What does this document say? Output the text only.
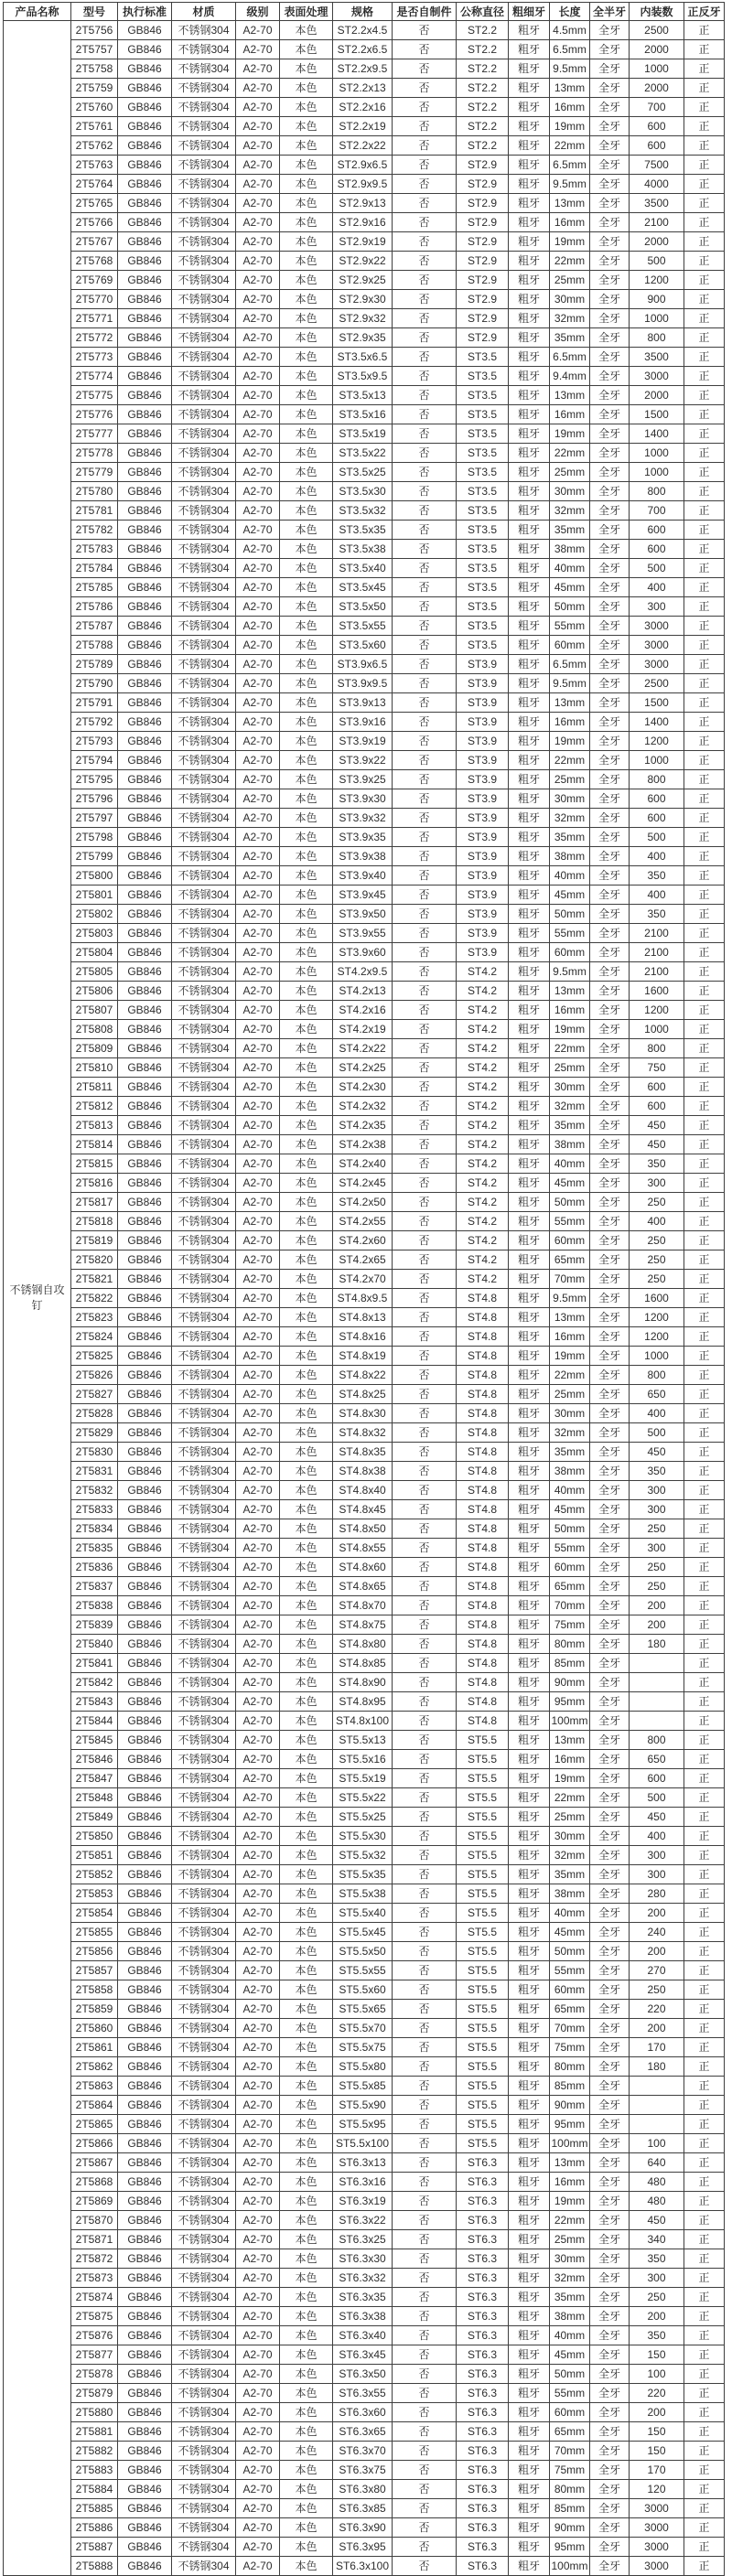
产品名称	型号	执行标准	材质	级别	表面处理	规格	是否自制件	公称直径	粗细牙	长度	全半牙	内装数	正反牙
不锈钢自攻钉	2T5756	GB846	不锈钢304	A2-70	本色	ST2.2x4.5	否	ST2.2	粗牙	4.5mm	全牙	2500	正
	2T5757	GB846	不锈钢304	A2-70	本色	ST2.2x6.5	否	ST2.2	粗牙	6.5mm	全牙	2000	正
	2T5758	GB846	不锈钢304	A2-70	本色	ST2.2x9.5	否	ST2.2	粗牙	9.5mm	全牙	1000	正
	2T5759	GB846	不锈钢304	A2-70	本色	ST2.2x13	否	ST2.2	粗牙	13mm	全牙	2000	正
	2T5760	GB846	不锈钢304	A2-70	本色	ST2.2x16	否	ST2.2	粗牙	16mm	全牙	700	正
	2T5761	GB846	不锈钢304	A2-70	本色	ST2.2x19	否	ST2.2	粗牙	19mm	全牙	600	正
	2T5762	GB846	不锈钢304	A2-70	本色	ST2.2x22	否	ST2.2	粗牙	22mm	全牙	600	正
	2T5763	GB846	不锈钢304	A2-70	本色	ST2.9x6.5	否	ST2.9	粗牙	6.5mm	全牙	7500	正
	2T5764	GB846	不锈钢304	A2-70	本色	ST2.9x9.5	否	ST2.9	粗牙	9.5mm	全牙	4000	正
	2T5765	GB846	不锈钢304	A2-70	本色	ST2.9x13	否	ST2.9	粗牙	13mm	全牙	3500	正
	2T5766	GB846	不锈钢304	A2-70	本色	ST2.9x16	否	ST2.9	粗牙	16mm	全牙	2100	正
	2T5767	GB846	不锈钢304	A2-70	本色	ST2.9x19	否	ST2.9	粗牙	19mm	全牙	2000	正
	2T5768	GB846	不锈钢304	A2-70	本色	ST2.9x22	否	ST2.9	粗牙	22mm	全牙	500	正
	2T5769	GB846	不锈钢304	A2-70	本色	ST2.9x25	否	ST2.9	粗牙	25mm	全牙	1200	正
	2T5770	GB846	不锈钢304	A2-70	本色	ST2.9x30	否	ST2.9	粗牙	30mm	全牙	900	正
	2T5771	GB846	不锈钢304	A2-70	本色	ST2.9x32	否	ST2.9	粗牙	32mm	全牙	1000	正
	2T5772	GB846	不锈钢304	A2-70	本色	ST2.9x35	否	ST2.9	粗牙	35mm	全牙	800	正
	2T5773	GB846	不锈钢304	A2-70	本色	ST3.5x6.5	否	ST3.5	粗牙	6.5mm	全牙	3500	正
	2T5774	GB846	不锈钢304	A2-70	本色	ST3.5x9.5	否	ST3.5	粗牙	9.4mm	全牙	3000	正
	2T5775	GB846	不锈钢304	A2-70	本色	ST3.5x13	否	ST3.5	粗牙	13mm	全牙	2000	正
	2T5776	GB846	不锈钢304	A2-70	本色	ST3.5x16	否	ST3.5	粗牙	16mm	全牙	1500	正
	2T5777	GB846	不锈钢304	A2-70	本色	ST3.5x19	否	ST3.5	粗牙	19mm	全牙	1400	正
	2T5778	GB846	不锈钢304	A2-70	本色	ST3.5x22	否	ST3.5	粗牙	22mm	全牙	1000	正
	2T5779	GB846	不锈钢304	A2-70	本色	ST3.5x25	否	ST3.5	粗牙	25mm	全牙	1000	正
	2T5780	GB846	不锈钢304	A2-70	本色	ST3.5x30	否	ST3.5	粗牙	30mm	全牙	800	正
	2T5781	GB846	不锈钢304	A2-70	本色	ST3.5x32	否	ST3.5	粗牙	32mm	全牙	700	正
	2T5782	GB846	不锈钢304	A2-70	本色	ST3.5x35	否	ST3.5	粗牙	35mm	全牙	600	正
	2T5783	GB846	不锈钢304	A2-70	本色	ST3.5x38	否	ST3.5	粗牙	38mm	全牙	600	正
	2T5784	GB846	不锈钢304	A2-70	本色	ST3.5x40	否	ST3.5	粗牙	40mm	全牙	500	正
	2T5785	GB846	不锈钢304	A2-70	本色	ST3.5x45	否	ST3.5	粗牙	45mm	全牙	400	正
	2T5786	GB846	不锈钢304	A2-70	本色	ST3.5x50	否	ST3.5	粗牙	50mm	全牙	300	正
	2T5787	GB846	不锈钢304	A2-70	本色	ST3.5x55	否	ST3.5	粗牙	55mm	全牙	3000	正
	2T5788	GB846	不锈钢304	A2-70	本色	ST3.5x60	否	ST3.5	粗牙	60mm	全牙	3000	正
	2T5789	GB846	不锈钢304	A2-70	本色	ST3.9x6.5	否	ST3.9	粗牙	6.5mm	全牙	3000	正
	2T5790	GB846	不锈钢304	A2-70	本色	ST3.9x9.5	否	ST3.9	粗牙	9.5mm	全牙	2500	正
	2T5791	GB846	不锈钢304	A2-70	本色	ST3.9x13	否	ST3.9	粗牙	13mm	全牙	1500	正
	2T5792	GB846	不锈钢304	A2-70	本色	ST3.9x16	否	ST3.9	粗牙	16mm	全牙	1400	正
	2T5793	GB846	不锈钢304	A2-70	本色	ST3.9x19	否	ST3.9	粗牙	19mm	全牙	1200	正
	2T5794	GB846	不锈钢304	A2-70	本色	ST3.9x22	否	ST3.9	粗牙	22mm	全牙	1000	正
	2T5795	GB846	不锈钢304	A2-70	本色	ST3.9x25	否	ST3.9	粗牙	25mm	全牙	800	正
	2T5796	GB846	不锈钢304	A2-70	本色	ST3.9x30	否	ST3.9	粗牙	30mm	全牙	600	正
	2T5797	GB846	不锈钢304	A2-70	本色	ST3.9x32	否	ST3.9	粗牙	32mm	全牙	600	正
	2T5798	GB846	不锈钢304	A2-70	本色	ST3.9x35	否	ST3.9	粗牙	35mm	全牙	500	正
	2T5799	GB846	不锈钢304	A2-70	本色	ST3.9x38	否	ST3.9	粗牙	38mm	全牙	400	正
	2T5800	GB846	不锈钢304	A2-70	本色	ST3.9x40	否	ST3.9	粗牙	40mm	全牙	350	正
	2T5801	GB846	不锈钢304	A2-70	本色	ST3.9x45	否	ST3.9	粗牙	45mm	全牙	400	正
	2T5802	GB846	不锈钢304	A2-70	本色	ST3.9x50	否	ST3.9	粗牙	50mm	全牙	350	正
	2T5803	GB846	不锈钢304	A2-70	本色	ST3.9x55	否	ST3.9	粗牙	55mm	全牙	2100	正
	2T5804	GB846	不锈钢304	A2-70	本色	ST3.9x60	否	ST3.9	粗牙	60mm	全牙	2100	正
	2T5805	GB846	不锈钢304	A2-70	本色	ST4.2x9.5	否	ST4.2	粗牙	9.5mm	全牙	2100	正
	2T5806	GB846	不锈钢304	A2-70	本色	ST4.2x13	否	ST4.2	粗牙	13mm	全牙	1600	正
	2T5807	GB846	不锈钢304	A2-70	本色	ST4.2x16	否	ST4.2	粗牙	16mm	全牙	1200	正
	2T5808	GB846	不锈钢304	A2-70	本色	ST4.2x19	否	ST4.2	粗牙	19mm	全牙	1000	正
	2T5809	GB846	不锈钢304	A2-70	本色	ST4.2x22	否	ST4.2	粗牙	22mm	全牙	800	正
	2T5810	GB846	不锈钢304	A2-70	本色	ST4.2x25	否	ST4.2	粗牙	25mm	全牙	750	正
	2T5811	GB846	不锈钢304	A2-70	本色	ST4.2x30	否	ST4.2	粗牙	30mm	全牙	600	正
	2T5812	GB846	不锈钢304	A2-70	本色	ST4.2x32	否	ST4.2	粗牙	32mm	全牙	600	正
	2T5813	GB846	不锈钢304	A2-70	本色	ST4.2x35	否	ST4.2	粗牙	35mm	全牙	450	正
	2T5814	GB846	不锈钢304	A2-70	本色	ST4.2x38	否	ST4.2	粗牙	38mm	全牙	450	正
	2T5815	GB846	不锈钢304	A2-70	本色	ST4.2x40	否	ST4.2	粗牙	40mm	全牙	350	正
	2T5816	GB846	不锈钢304	A2-70	本色	ST4.2x45	否	ST4.2	粗牙	45mm	全牙	300	正
	2T5817	GB846	不锈钢304	A2-70	本色	ST4.2x50	否	ST4.2	粗牙	50mm	全牙	250	正
	2T5818	GB846	不锈钢304	A2-70	本色	ST4.2x55	否	ST4.2	粗牙	55mm	全牙	400	正
	2T5819	GB846	不锈钢304	A2-70	本色	ST4.2x60	否	ST4.2	粗牙	60mm	全牙	250	正
	2T5820	GB846	不锈钢304	A2-70	本色	ST4.2x65	否	ST4.2	粗牙	65mm	全牙	250	正
	2T5821	GB846	不锈钢304	A2-70	本色	ST4.2x70	否	ST4.2	粗牙	70mm	全牙	250	正
	2T5822	GB846	不锈钢304	A2-70	本色	ST4.8x9.5	否	ST4.8	粗牙	9.5mm	全牙	1600	正
	2T5823	GB846	不锈钢304	A2-70	本色	ST4.8x13	否	ST4.8	粗牙	13mm	全牙	1200	正
	2T5824	GB846	不锈钢304	A2-70	本色	ST4.8x16	否	ST4.8	粗牙	16mm	全牙	1200	正
	2T5825	GB846	不锈钢304	A2-70	本色	ST4.8x19	否	ST4.8	粗牙	19mm	全牙	1000	正
	2T5826	GB846	不锈钢304	A2-70	本色	ST4.8x22	否	ST4.8	粗牙	22mm	全牙	800	正
	2T5827	GB846	不锈钢304	A2-70	本色	ST4.8x25	否	ST4.8	粗牙	25mm	全牙	650	正
	2T5828	GB846	不锈钢304	A2-70	本色	ST4.8x30	否	ST4.8	粗牙	30mm	全牙	400	正
	2T5829	GB846	不锈钢304	A2-70	本色	ST4.8x32	否	ST4.8	粗牙	32mm	全牙	500	正
	2T5830	GB846	不锈钢304	A2-70	本色	ST4.8x35	否	ST4.8	粗牙	35mm	全牙	450	正
	2T5831	GB846	不锈钢304	A2-70	本色	ST4.8x38	否	ST4.8	粗牙	38mm	全牙	350	正
	2T5832	GB846	不锈钢304	A2-70	本色	ST4.8x40	否	ST4.8	粗牙	40mm	全牙	300	正
	2T5833	GB846	不锈钢304	A2-70	本色	ST4.8x45	否	ST4.8	粗牙	45mm	全牙	300	正
	2T5834	GB846	不锈钢304	A2-70	本色	ST4.8x50	否	ST4.8	粗牙	50mm	全牙	250	正
	2T5835	GB846	不锈钢304	A2-70	本色	ST4.8x55	否	ST4.8	粗牙	55mm	全牙	300	正
	2T5836	GB846	不锈钢304	A2-70	本色	ST4.8x60	否	ST4.8	粗牙	60mm	全牙	250	正
	2T5837	GB846	不锈钢304	A2-70	本色	ST4.8x65	否	ST4.8	粗牙	65mm	全牙	250	正
	2T5838	GB846	不锈钢304	A2-70	本色	ST4.8x70	否	ST4.8	粗牙	70mm	全牙	200	正
	2T5839	GB846	不锈钢304	A2-70	本色	ST4.8x75	否	ST4.8	粗牙	75mm	全牙	200	正
	2T5840	GB846	不锈钢304	A2-70	本色	ST4.8x80	否	ST4.8	粗牙	80mm	全牙	180	正
	2T5841	GB846	不锈钢304	A2-70	本色	ST4.8x85	否	ST4.8	粗牙	85mm	全牙		正
	2T5842	GB846	不锈钢304	A2-70	本色	ST4.8x90	否	ST4.8	粗牙	90mm	全牙		正
	2T5843	GB846	不锈钢304	A2-70	本色	ST4.8x95	否	ST4.8	粗牙	95mm	全牙		正
	2T5844	GB846	不锈钢304	A2-70	本色	ST4.8x100	否	ST4.8	粗牙	100mm	全牙		正
	2T5845	GB846	不锈钢304	A2-70	本色	ST5.5x13	否	ST5.5	粗牙	13mm	全牙	800	正
	2T5846	GB846	不锈钢304	A2-70	本色	ST5.5x16	否	ST5.5	粗牙	16mm	全牙	650	正
	2T5847	GB846	不锈钢304	A2-70	本色	ST5.5x19	否	ST5.5	粗牙	19mm	全牙	600	正
	2T5848	GB846	不锈钢304	A2-70	本色	ST5.5x22	否	ST5.5	粗牙	22mm	全牙	500	正
	2T5849	GB846	不锈钢304	A2-70	本色	ST5.5x25	否	ST5.5	粗牙	25mm	全牙	450	正
	2T5850	GB846	不锈钢304	A2-70	本色	ST5.5x30	否	ST5.5	粗牙	30mm	全牙	400	正
	2T5851	GB846	不锈钢304	A2-70	本色	ST5.5x32	否	ST5.5	粗牙	32mm	全牙	300	正
	2T5852	GB846	不锈钢304	A2-70	本色	ST5.5x35	否	ST5.5	粗牙	35mm	全牙	300	正
	2T5853	GB846	不锈钢304	A2-70	本色	ST5.5x38	否	ST5.5	粗牙	38mm	全牙	280	正
	2T5854	GB846	不锈钢304	A2-70	本色	ST5.5x40	否	ST5.5	粗牙	40mm	全牙	200	正
	2T5855	GB846	不锈钢304	A2-70	本色	ST5.5x45	否	ST5.5	粗牙	45mm	全牙	240	正
	2T5856	GB846	不锈钢304	A2-70	本色	ST5.5x50	否	ST5.5	粗牙	50mm	全牙	200	正
	2T5857	GB846	不锈钢304	A2-70	本色	ST5.5x55	否	ST5.5	粗牙	55mm	全牙	270	正
	2T5858	GB846	不锈钢304	A2-70	本色	ST5.5x60	否	ST5.5	粗牙	60mm	全牙	250	正
	2T5859	GB846	不锈钢304	A2-70	本色	ST5.5x65	否	ST5.5	粗牙	65mm	全牙	220	正
	2T5860	GB846	不锈钢304	A2-70	本色	ST5.5x70	否	ST5.5	粗牙	70mm	全牙	200	正
	2T5861	GB846	不锈钢304	A2-70	本色	ST5.5x75	否	ST5.5	粗牙	75mm	全牙	170	正
	2T5862	GB846	不锈钢304	A2-70	本色	ST5.5x80	否	ST5.5	粗牙	80mm	全牙	180	正
	2T5863	GB846	不锈钢304	A2-70	本色	ST5.5x85	否	ST5.5	粗牙	85mm	全牙		正
	2T5864	GB846	不锈钢304	A2-70	本色	ST5.5x90	否	ST5.5	粗牙	90mm	全牙		正
	2T5865	GB846	不锈钢304	A2-70	本色	ST5.5x95	否	ST5.5	粗牙	95mm	全牙		正
	2T5866	GB846	不锈钢304	A2-70	本色	ST5.5x100	否	ST5.5	粗牙	100mm	全牙	100	正
	2T5867	GB846	不锈钢304	A2-70	本色	ST6.3x13	否	ST6.3	粗牙	13mm	全牙	640	正
	2T5868	GB846	不锈钢304	A2-70	本色	ST6.3x16	否	ST6.3	粗牙	16mm	全牙	480	正
	2T5869	GB846	不锈钢304	A2-70	本色	ST6.3x19	否	ST6.3	粗牙	19mm	全牙	480	正
	2T5870	GB846	不锈钢304	A2-70	本色	ST6.3x22	否	ST6.3	粗牙	22mm	全牙	450	正
	2T5871	GB846	不锈钢304	A2-70	本色	ST6.3x25	否	ST6.3	粗牙	25mm	全牙	340	正
	2T5872	GB846	不锈钢304	A2-70	本色	ST6.3x30	否	ST6.3	粗牙	30mm	全牙	350	正
	2T5873	GB846	不锈钢304	A2-70	本色	ST6.3x32	否	ST6.3	粗牙	32mm	全牙	300	正
	2T5874	GB846	不锈钢304	A2-70	本色	ST6.3x35	否	ST6.3	粗牙	35mm	全牙	250	正
	2T5875	GB846	不锈钢304	A2-70	本色	ST6.3x38	否	ST6.3	粗牙	38mm	全牙	200	正
	2T5876	GB846	不锈钢304	A2-70	本色	ST6.3x40	否	ST6.3	粗牙	40mm	全牙	350	正
	2T5877	GB846	不锈钢304	A2-70	本色	ST6.3x45	否	ST6.3	粗牙	45mm	全牙	150	正
	2T5878	GB846	不锈钢304	A2-70	本色	ST6.3x50	否	ST6.3	粗牙	50mm	全牙	100	正
	2T5879	GB846	不锈钢304	A2-70	本色	ST6.3x55	否	ST6.3	粗牙	55mm	全牙	220	正
	2T5880	GB846	不锈钢304	A2-70	本色	ST6.3x60	否	ST6.3	粗牙	60mm	全牙	200	正
	2T5881	GB846	不锈钢304	A2-70	本色	ST6.3x65	否	ST6.3	粗牙	65mm	全牙	150	正
	2T5882	GB846	不锈钢304	A2-70	本色	ST6.3x70	否	ST6.3	粗牙	70mm	全牙	150	正
	2T5883	GB846	不锈钢304	A2-70	本色	ST6.3x75	否	ST6.3	粗牙	75mm	全牙	170	正
	2T5884	GB846	不锈钢304	A2-70	本色	ST6.3x80	否	ST6.3	粗牙	80mm	全牙	120	正
	2T5885	GB846	不锈钢304	A2-70	本色	ST6.3x85	否	ST6.3	粗牙	85mm	全牙	3000	正
	2T5886	GB846	不锈钢304	A2-70	本色	ST6.3x90	否	ST6.3	粗牙	90mm	全牙	3000	正
	2T5887	GB846	不锈钢304	A2-70	本色	ST6.3x95	否	ST6.3	粗牙	95mm	全牙	3000	正
	2T5888	GB846	不锈钢304	A2-70	本色	ST6.3x100	否	ST6.3	粗牙	100mm	全牙	3000	正
